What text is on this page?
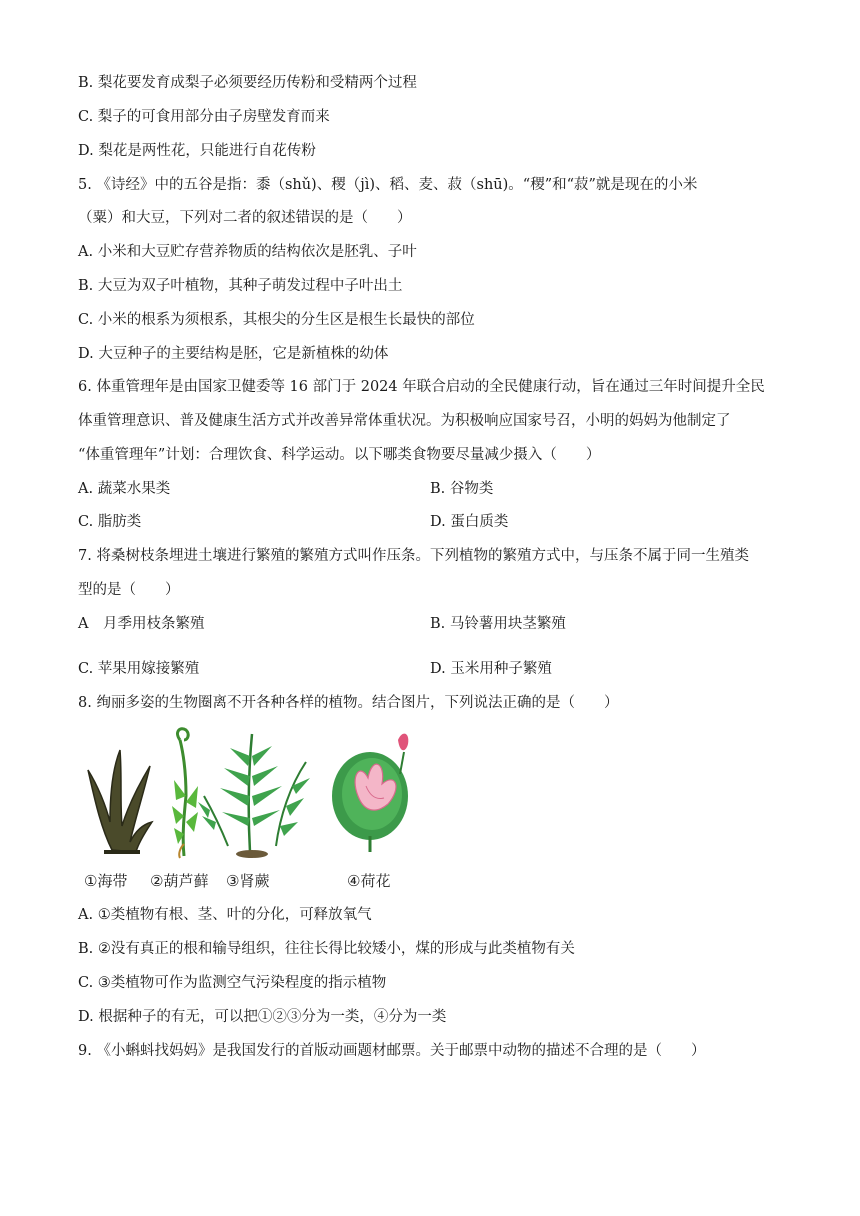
B. 梨花要发育成梨子必须要经历传粉和受精两个过程
C. 梨子的可食用部分由子房壁发育而来
D. 梨花是两性花，只能进行自花传粉
5. 《诗经》中的五谷是指：黍（shǔ)、稷（jì)、稻、麦、菽（shū)。“稷”和“菽”就是现在的小米
（粟）和大豆，下列对二者的叙述错误的是（　　）
A. 小米和大豆贮存营养物质的结构依次是胚乳、子叶
B. 大豆为双子叶植物，其种子萌发过程中子叶出土
C. 小米的根系为须根系，其根尖的分生区是根生长最快的部位
D. 大豆种子的主要结构是胚，它是新植株的幼体
6. 体重管理年是由国家卫健委等 16 部门于 2024 年联合启动的全民健康行动，旨在通过三年时间提升全民
体重管理意识、普及健康生活方式并改善异常体重状况。为积极响应国家号召，小明的妈妈为他制定了
“体重管理年”计划：合理饮食、科学运动。以下哪类食物要尽量减少摄入（　　）
A. 蔬菜水果类	B. 谷物类
C. 脂肪类	D. 蛋白质类
7. 将桑树枝条埋进土壤进行繁殖的繁殖方式叫作压条。下列植物的繁殖方式中，与压条不属于同一生殖类
型的是（　　）
A　月季用枝条繁殖	B. 马铃薯用块茎繁殖
C. 苹果用嫁接繁殖	D. 玉米用种子繁殖
8. 绚丽多姿的生物圈离不开各种各样的植物。结合图片，下列说法正确的是（　　）
①海带 ②葫芦藓 ③肾蕨	④荷花
A. ①类植物有根、茎、叶的分化，可释放氧气
B. ②没有真正的根和输导组织，往往长得比较矮小，煤的形成与此类植物有关
C. ③类植物可作为监测空气污染程度的指示植物
D. 根据种子的有无，可以把①②③分为一类，④分为一类
9. 《小蝌蚪找妈妈》是我国发行的首版动画题材邮票。关于邮票中动物的描述不合理的是（　　）
